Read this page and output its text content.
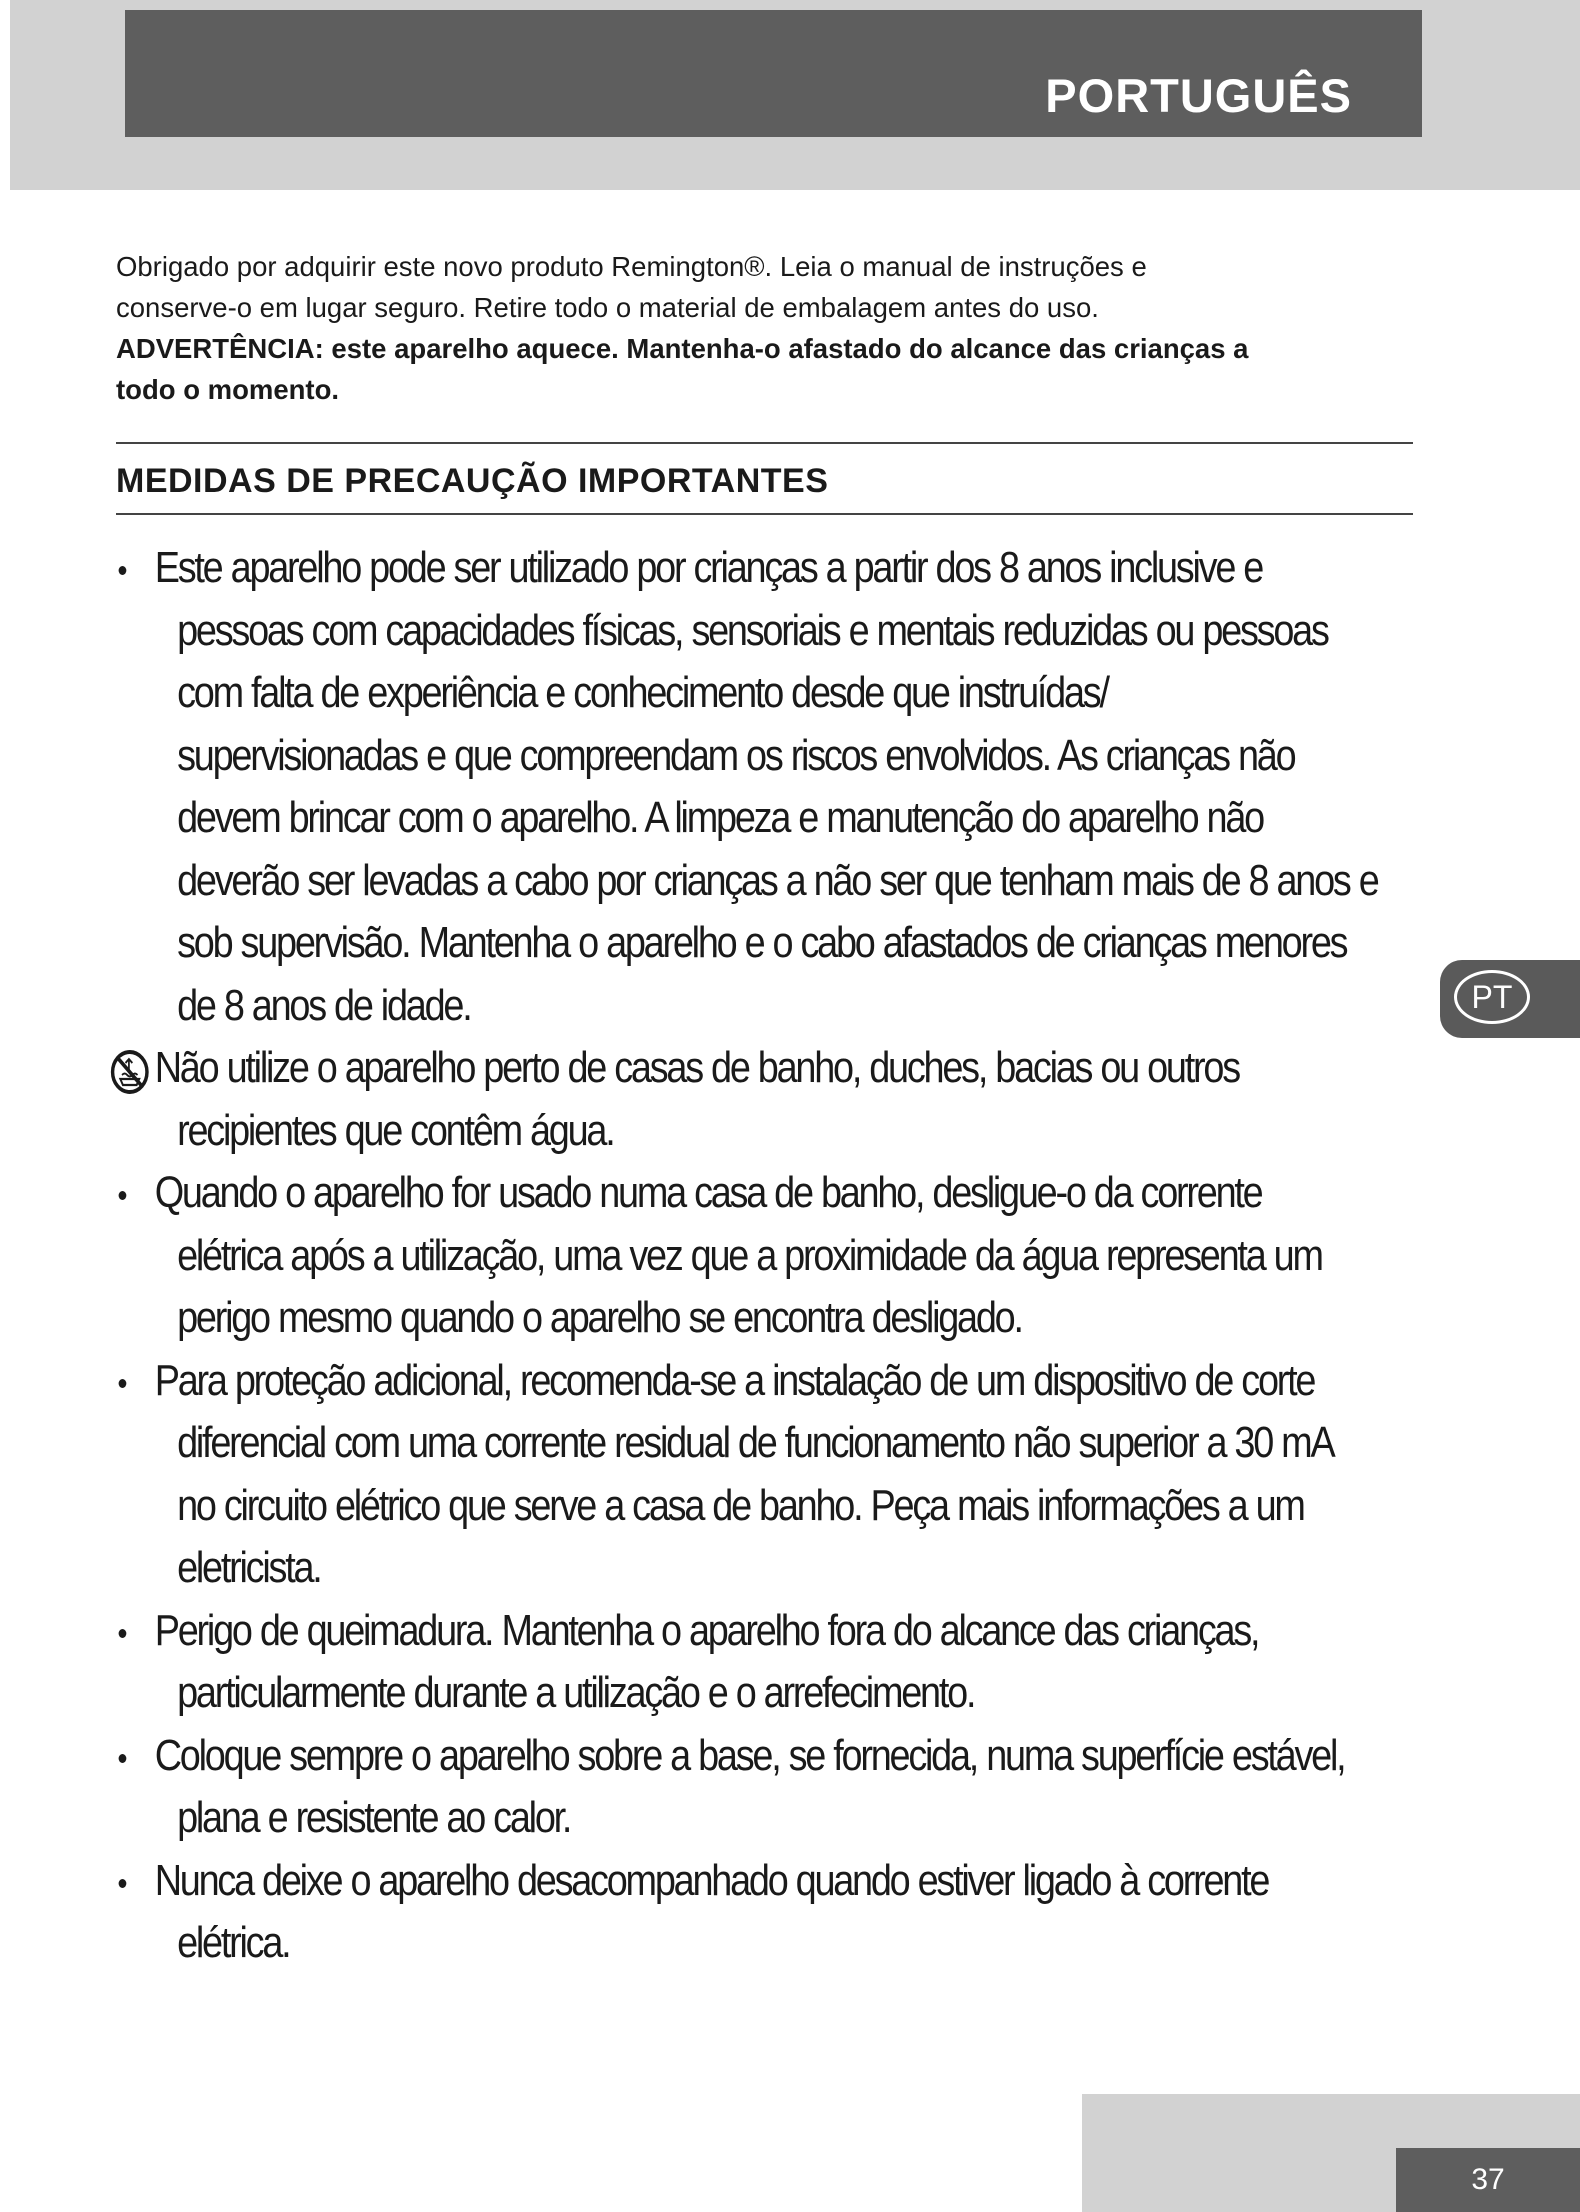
PORTUGUÊS

Obrigado por adquirir este novo produto Remington®. Leia o manual de instruções e

conserve-o em lugar seguro. Retire todo o material de embalagem antes do uso.

ADVERTÊNCIA: este aparelho aquece. Mantenha-o afastado do alcance das crianças a

todo o momento.

MEDIDAS DE PRECAUÇÃO IMPORTANTES
Este aparelho pode ser utilizado por crianças a partir dos 8 anos inclusive e
pessoas com capacidades físicas, sensoriais e mentais reduzidas ou pessoas
com falta de experiência e conhecimento desde que instruídas/
supervisionadas e que compreendam os riscos envolvidos. As crianças não
devem brincar com o aparelho. A limpeza e manutenção do aparelho não
deverão ser levadas a cabo por crianças a não ser que tenham mais de 8 anos e
sob supervisão. Mantenha o aparelho e o cabo afastados de crianças menores
de 8 anos de idade.
Não utilize o aparelho perto de casas de banho, duches, bacias ou outros
recipientes que contêm água.
Quando o aparelho for usado numa casa de banho, desligue-o da corrente
elétrica após a utilização, uma vez que a proximidade da água representa um
perigo mesmo quando o aparelho se encontra desligado.
Para proteção adicional, recomenda-se a instalação de um dispositivo de corte
diferencial com uma corrente residual de funcionamento não superior a 30 mA
no circuito elétrico que serve a casa de banho. Peça mais informações a um
eletricista.
Perigo de queimadura. Mantenha o aparelho fora do alcance das crianças,
particularmente durante a utilização e o arrefecimento.
Coloque sempre o aparelho sobre a base, se fornecida, numa superfície estável,
plana e resistente ao calor.
Nunca deixe o aparelho desacompanhado quando estiver ligado à corrente
elétrica.
PT
37
